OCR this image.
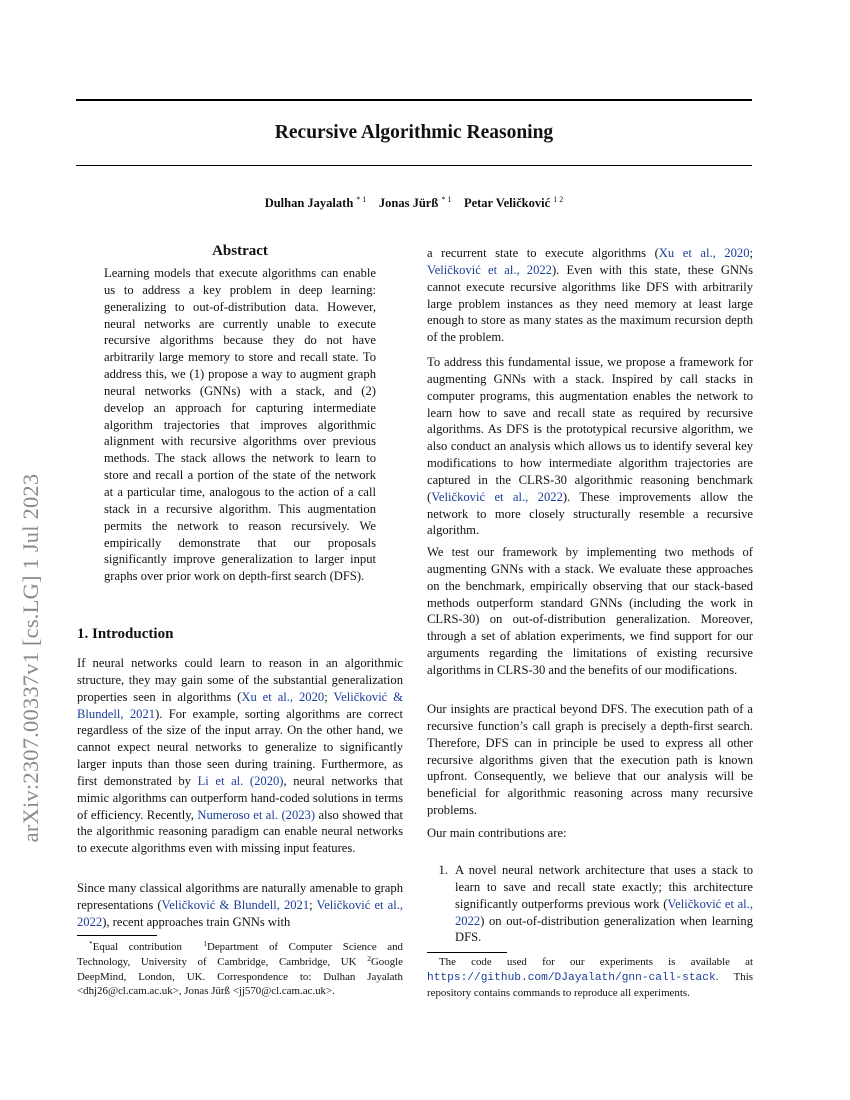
Recursive Algorithmic Reasoning
Dulhan Jayalath $^{* 1}$ Jonas Jürß $^{* 1}$ Petar Veličković $^{1 2}$
arXiv:2307.00337v1 [cs.LG] 1 Jul 2023
Abstract

Learning models that execute algorithms can enable us to address a key problem in deep learning: generalizing to out-of-distribution data. However, neural networks are currently unable to execute recursive algorithms because they do not have arbitrarily large memory to store and recall state. To address this, we (1) propose a way to augment graph neural networks (GNNs) with a stack, and (2) develop an approach for capturing intermediate algorithm trajectories that improves algorithmic alignment with recursive algorithms over previous methods. The stack allows the network to learn to store and recall a portion of the state of the network at a particular time, analogous to the action of a call stack in a recursive algorithm. This augmentation permits the network to reason recursively. We empirically demonstrate that our proposals significantly improve generalization to larger input graphs over prior work on depth-first search (DFS).

1. Introduction

If neural networks could learn to reason in an algorithmic structure, they may gain some of the substantial generalization properties seen in algorithms (Xu et al., 2020; Veličković & Blundell, 2021). For example, sorting algorithms are correct regardless of the size of the input array. On the other hand, we cannot expect neural networks to generalize to significantly larger inputs than those seen during training. Furthermore, as first demonstrated by Li et al. (2020), neural networks that mimic algorithms can outperform hand-coded solutions in terms of efficiency. Recently, Numeroso et al. (2023) also showed that the algorithmic reasoning paradigm can enable neural networks to execute algorithms even with missing input features.

Since many classical algorithms are naturally amenable to graph representations (Veličković & Blundell, 2021; Veličković et al., 2022), recent approaches train GNNs with

a recurrent state to execute algorithms (Xu et al., 2020; Veličković et al., 2022). Even with this state, these GNNs cannot execute recursive algorithms like DFS with arbitrarily large problem instances as they need memory at least large enough to store as many states as the maximum recursion depth of the problem.

To address this fundamental issue, we propose a framework for augmenting GNNs with a stack. Inspired by call stacks in computer programs, this augmentation enables the network to learn how to save and recall state as required by recursive algorithms. As DFS is the prototypical recursive algorithm, we also conduct an analysis which allows us to identify several key modifications to how intermediate algorithm trajectories are captured in the CLRS-30 algorithmic reasoning benchmark (Veličković et al., 2022). These improvements allow the network to more closely structurally resemble a recursive algorithm.

We test our framework by implementing two methods of augmenting GNNs with a stack. We evaluate these approaches on the benchmark, empirically observing that our stack-based methods outperform standard GNNs (including the work in CLRS-30) on out-of-distribution generalization. Moreover, through a set of ablation experiments, we find support for our arguments regarding the limitations of existing recursive algorithms in CLRS-30 and the benefits of our modifications.

Our insights are practical beyond DFS. The execution path of a recursive function’s call graph is precisely a depth-first search. Therefore, DFS can in principle be used to express all other recursive algorithms given that the execution path is known upfront. Consequently, we believe that our analysis will be beneficial for algorithmic reasoning across many recursive problems.

Our main contributions are:

1. A novel neural network architecture that uses a stack to learn to save and recall state exactly; this architecture significantly outperforms previous work (Veličković et al., 2022) on out-of-distribution generalization when learning DFS.
*Equal contribution  $^1$Department of Computer Science and Technology, University of Cambridge, Cambridge, UK $^2$Google DeepMind, London, UK. Correspondence to: Dulhan Jayalath <dhj26@cl.cam.ac.uk>, Jonas Jürß <jj570@cl.cam.ac.uk>.
The code used for our experiments is available at https://github.com/DJayalath/gnn-call-stack. This repository contains commands to reproduce all experiments.
